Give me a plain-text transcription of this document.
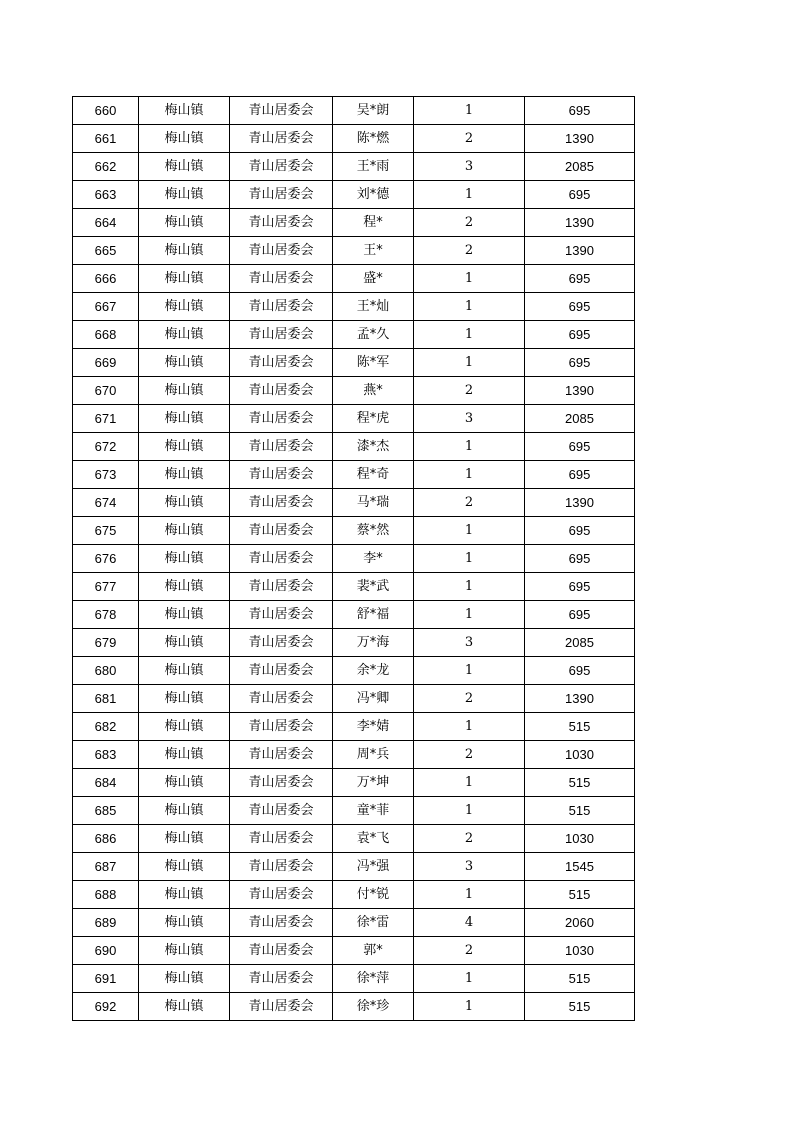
660	梅山镇	青山居委会	吴*朗	1	695
661	梅山镇	青山居委会	陈*燃	2	1390
662	梅山镇	青山居委会	王*雨	3	2085
663	梅山镇	青山居委会	刘*德	1	695
664	梅山镇	青山居委会	程*	2	1390
665	梅山镇	青山居委会	王*	2	1390
666	梅山镇	青山居委会	盛*	1	695
667	梅山镇	青山居委会	王*灿	1	695
668	梅山镇	青山居委会	孟*久	1	695
669	梅山镇	青山居委会	陈*军	1	695
670	梅山镇	青山居委会	燕*	2	1390
671	梅山镇	青山居委会	程*虎	3	2085
672	梅山镇	青山居委会	漆*杰	1	695
673	梅山镇	青山居委会	程*奇	1	695
674	梅山镇	青山居委会	马*瑞	2	1390
675	梅山镇	青山居委会	蔡*然	1	695
676	梅山镇	青山居委会	李*	1	695
677	梅山镇	青山居委会	裴*武	1	695
678	梅山镇	青山居委会	舒*福	1	695
679	梅山镇	青山居委会	万*海	3	2085
680	梅山镇	青山居委会	余*龙	1	695
681	梅山镇	青山居委会	冯*卿	2	1390
682	梅山镇	青山居委会	李*婧	1	515
683	梅山镇	青山居委会	周*兵	2	1030
684	梅山镇	青山居委会	万*坤	1	515
685	梅山镇	青山居委会	童*菲	1	515
686	梅山镇	青山居委会	袁*飞	2	1030
687	梅山镇	青山居委会	冯*强	3	1545
688	梅山镇	青山居委会	付*锐	1	515
689	梅山镇	青山居委会	徐*雷	4	2060
690	梅山镇	青山居委会	郭*	2	1030
691	梅山镇	青山居委会	徐*萍	1	515
692	梅山镇	青山居委会	徐*珍	1	515
